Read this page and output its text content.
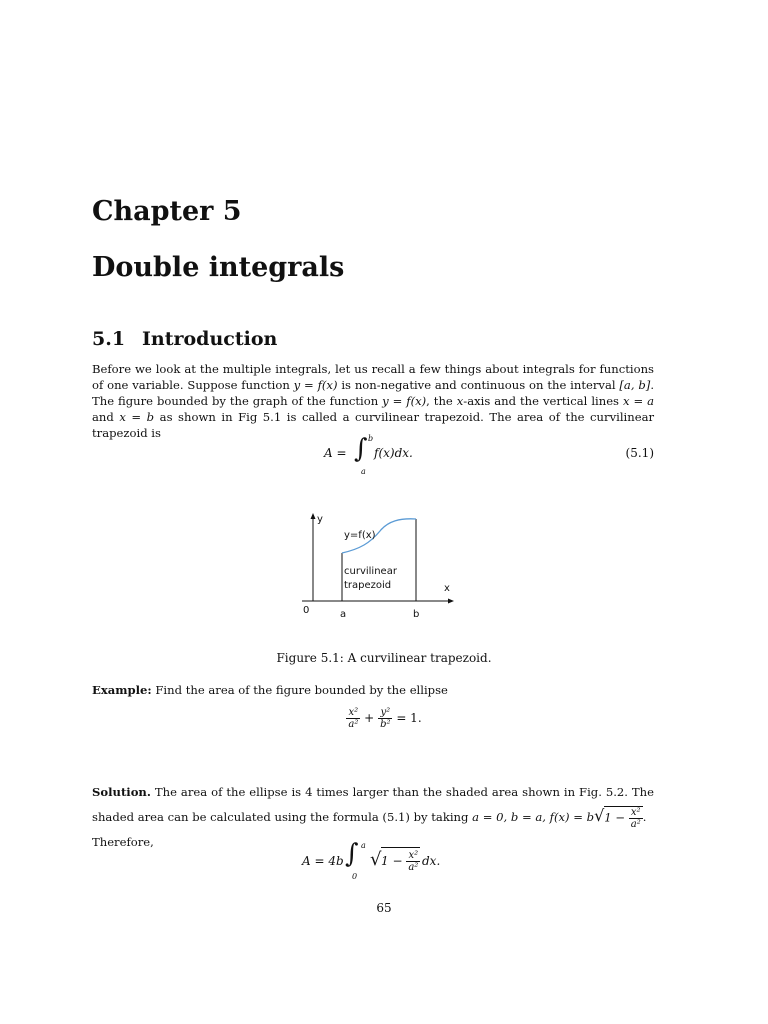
Chapter 5
Double integrals
5.1 Introduction

Before we look at the multiple integrals, let us recall a few things about integrals for functions of one variable. Suppose function y = f(x) is non-negative and continuous on the interval [a, b]. The figure bounded by the graph of the function y = f(x), the x-axis and the vertical lines x = a and x = b as shown in Fig 5.1 is called a curvilinear trapezoid. The area of the curvilinear trapezoid is

A = ∫ b
a
f(x)dx.	(5.1)
y
x
0	a	b
y=f(x)
curvilinear
trapezoid
Figure 5.1: A curvilinear trapezoid.

Example: Find the area of the figure bounded by the ellipse

$\frac{\text{x²}}{\text{a²}} + \frac{\text{y²}}{\text{b²}} = 1$.
Solution. The area of the ellipse is 4 times larger than the shaded area shown in Fig. 5.2. The shaded area can be calculated using the formula (5.1) by taking a = 0, b = a, $f(x) = b√1 - \frac{\text{x²}}{\text{a²}}$ .
Therefore,
A = 4b ∫ a
0
√ $1 - \frac{\text{x²}}{\text{a²}}$ dx.
65
